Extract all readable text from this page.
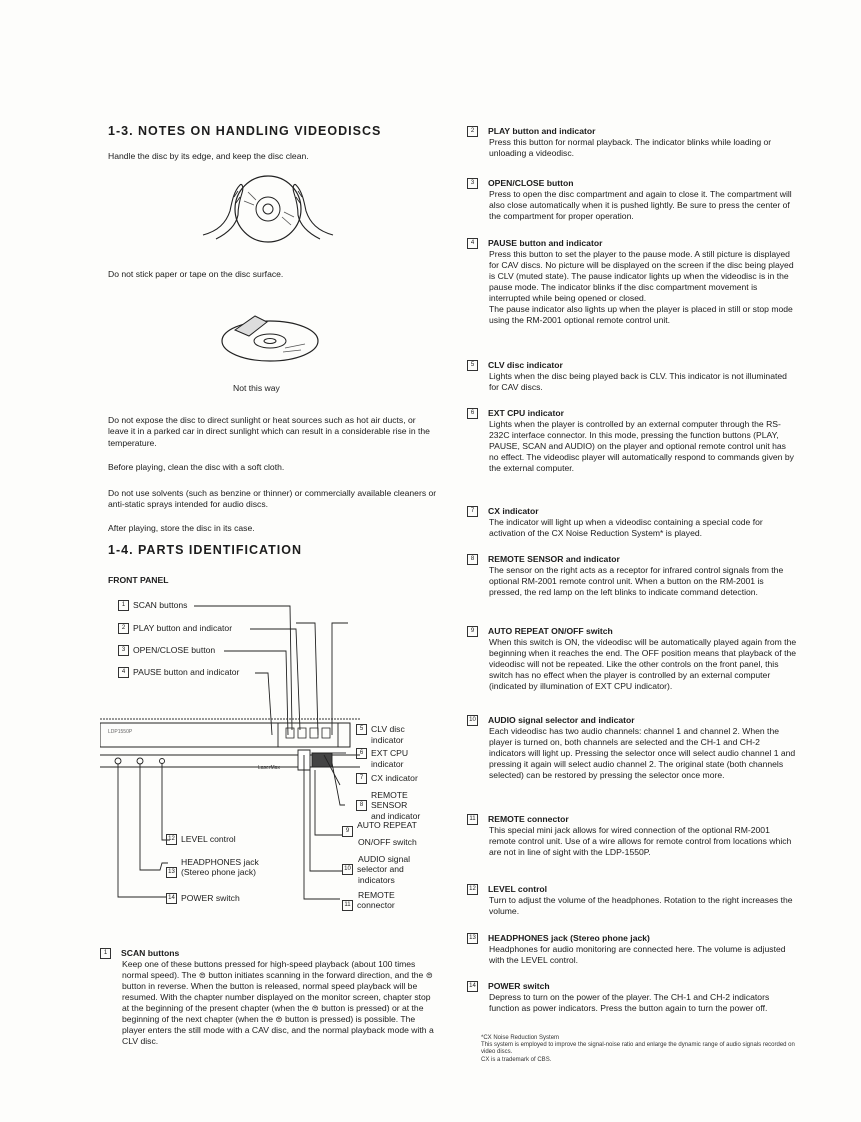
1-3. NOTES ON HANDLING VIDEODISCS
Handle the disc by its edge, and keep the disc clean.
Do not stick paper or tape on the disc surface.
Not this way
Do not expose the disc to direct sunlight or heat sources such as hot air ducts, or leave it in a parked car in direct sunlight which can result in a considerable rise in the temperature.
Before playing, clean the disc with a soft cloth.
Do not use solvents (such as benzine or thinner) or commercially available cleaners or anti-static sprays intended for audio discs.
After playing, store the disc in its case.
1-4. PARTS IDENTIFICATION
FRONT PANEL
1 SCAN buttons
2 PLAY button and indicator
3 OPEN/CLOSE button
4 PAUSE button and indicator
LDP1550P
LaserMax
5 CLV disc
indicator
6 EXT CPU
indicator
7 CX indicator
REMOTE
8 SENSOR
and indicator
9AUTO REPEAT
ON/OFF switch
AUDIO signal
10 selector and
indicators
REMOTE
11 connector
12 LEVEL control
HEADPHONES jack
13 (Stereo phone jack)
14 POWER switch
1	SCAN buttons
Keep one of these buttons pressed for high-speed playback (about 100 times normal speed). The ⊜ button initiates scanning in the forward direction, and the ⊜ button in reverse. When the button is released, normal speed playback will be resumed. With the chapter number displayed on the monitor screen, chapter stop at the beginning of the present chapter (when the ⊜ button is pressed) or at the beginning of the next chapter (when the ⊜ button is pressed) is possible. The player enters the still mode with a CAV disc, and the normal playback mode with a CLV disc.
2	PLAY button and indicator
Press this button for normal playback. The indicator blinks while loading or unloading a videodisc.
3	OPEN/CLOSE button
Press to open the disc compartment and again to close it. The compartment will also close automatically when it is pushed lightly. Be sure to press the center of the compartment for proper operation.
4	PAUSE button and indicator
Press this button to set the player to the pause mode. A still picture is displayed for CAV discs. No picture will be displayed on the screen if the disc being played is CLV (muted state). The pause indicator lights up when the videodisc is in the pause mode. The indicator blinks if the disc compartment movement is interrupted while being opened or closed.
The pause indicator also lights up when the player is placed in still or stop mode using the RM-2001 optional remote control unit.
5	CLV disc indicator
Lights when the disc being played back is CLV. This indicator is not illuminated for CAV discs.
6	EXT CPU indicator
Lights when the player is controlled by an external computer through the RS-232C interface connector. In this mode, pressing the function buttons (PLAY, PAUSE, SCAN and AUDIO) on the player and optional remote control unit has no effect. The videodisc player will automatically respond to commands given by the external computer.
7	CX indicator
The indicator will light up when a videodisc containing a special code for activation of the CX Noise Reduction System* is played.
8	REMOTE SENSOR and indicator
The sensor on the right acts as a receptor for infrared control signals from the optional RM-2001 remote control unit. When a button on the RM-2001 is pressed, the red lamp on the left blinks to indicate command detection.
9	AUTO REPEAT ON/OFF switch
When this switch is ON, the videodisc will be automatically played again from the beginning when it reaches the end. The OFF position means that playback of the videodisc will not be repeated. Like the other controls on the front panel, this switch has no effect when the player is controlled by an external computer (indicated by illumination of EXT CPU indicator).
10 AUDIO signal selector and indicator
Each videodisc has two audio channels: channel 1 and channel 2. When the player is turned on, both channels are selected and the CH-1 and CH-2 indicators will light up. Pressing the selector once will select audio channel 1 and pressing it again will select audio channel 2. The original state (both channels selected) can be restored by pressing the selector once more.
11 REMOTE connector
This special mini jack allows for wired connection of the optional RM-2001 remote control unit. Use of a wire allows for remote control from locations which are not in line of sight with the LDP-1550P.
12 LEVEL control
Turn to adjust the volume of the headphones. Rotation to the right increases the volume.
13 HEADPHONES jack (Stereo phone jack)
Headphones for audio monitoring are connected here. The volume is adjusted with the LEVEL control.
14 POWER switch
Depress to turn on the power of the player. The CH-1 and CH-2 indicators function as power indicators. Press the button again to turn the power off.
*CX Noise Reduction System
This system is employed to improve the signal-noise ratio and enlarge the dynamic range of audio signals recorded on video discs.
CX is a trademark of CBS.
